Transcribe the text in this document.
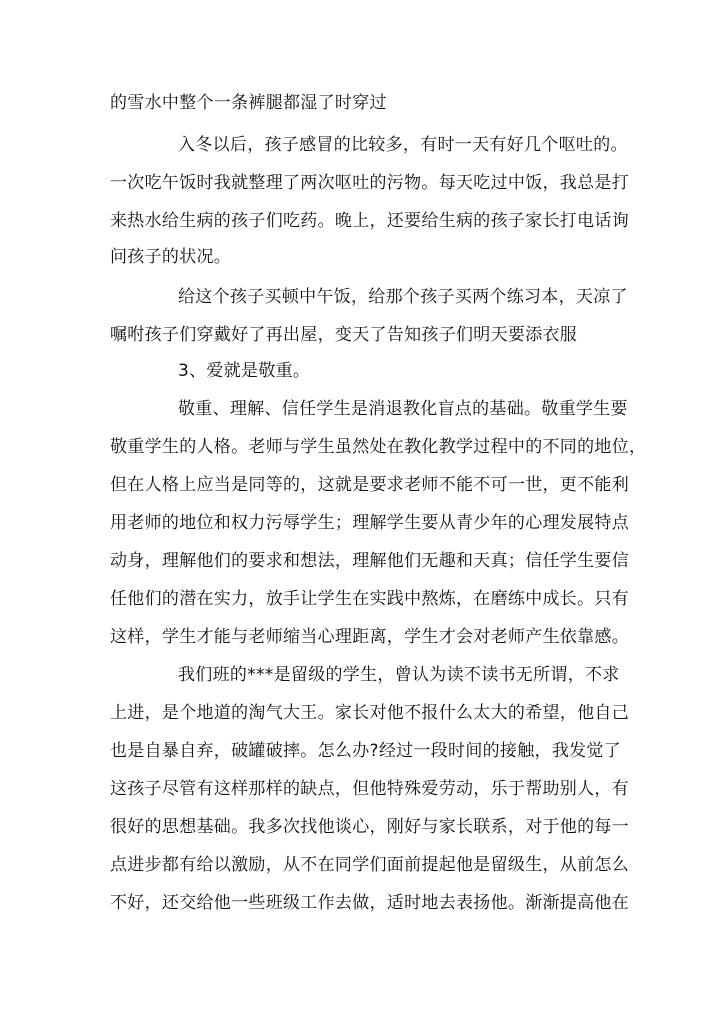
的雪水中整个一条裤腿都湿了时穿过
入冬以后，孩子感冒的比较多，有时一天有好几个呕吐的。
一次吃午饭时我就整理了两次呕吐的污物。每天吃过中饭，我总是打
来热水给生病的孩子们吃药。晚上，还要给生病的孩子家长打电话询
问孩子的状况。
给这个孩子买顿中午饭，给那个孩子买两个练习本，天凉了
嘱咐孩子们穿戴好了再出屋，变天了告知孩子们明天要添衣服
3、爱就是敬重。
敬重、理解、信任学生是消退教化盲点的基础。敬重学生要
敬重学生的人格。老师与学生虽然处在教化教学过程中的不同的地位，
但在人格上应当是同等的，这就是要求老师不能不可一世，更不能利
用老师的地位和权力污辱学生；理解学生要从青少年的心理发展特点
动身，理解他们的要求和想法，理解他们无趣和天真；信任学生要信
任他们的潜在实力，放手让学生在实践中熬炼，在磨练中成长。只有
这样，学生才能与老师缩当心理距离，学生才会对老师产生依靠感。
我们班的***是留级的学生，曾认为读不读书无所谓，不求
上进，是个地道的淘气大王。家长对他不报什么太大的希望，他自己
也是自暴自弃，破罐破摔。怎么办?经过一段时间的接触，我发觉了
这孩子尽管有这样那样的缺点，但他特殊爱劳动，乐于帮助别人，有
很好的思想基础。我多次找他谈心，刚好与家长联系，对于他的每一
点进步都有给以激励，从不在同学们面前提起他是留级生，从前怎么
不好，还交给他一些班级工作去做，适时地去表扬他。渐渐提高他在
